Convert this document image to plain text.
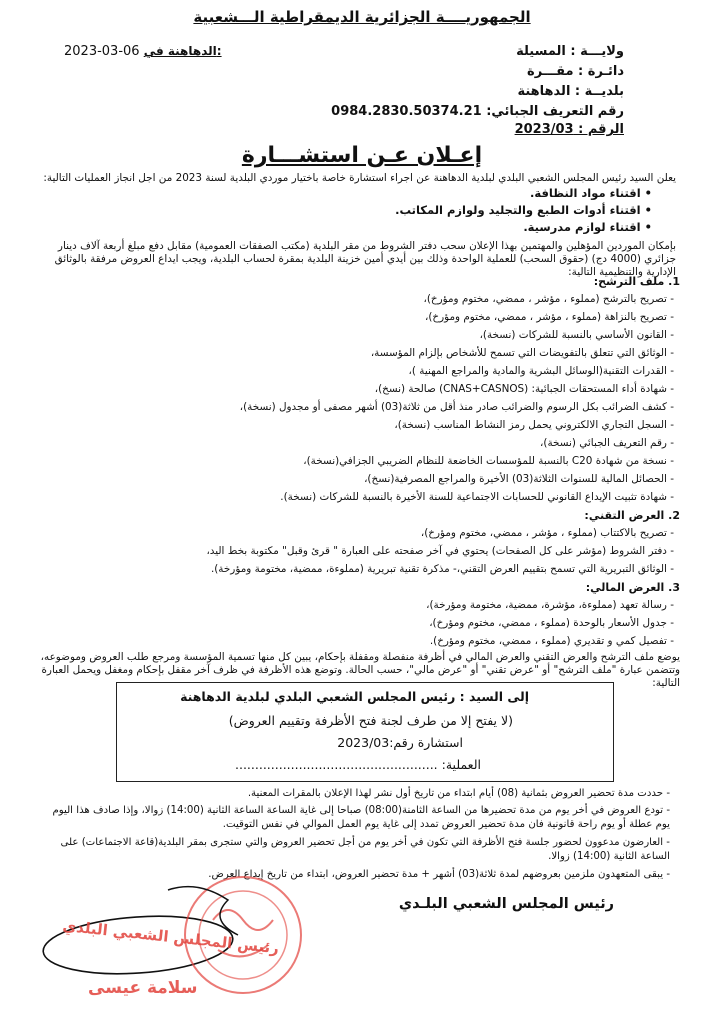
الجمهوريــــة الجزائرية الديمقراطية الـــشعبية
2023-03-06 الدهاهنة في:	ولايـــة : المسيلة
دائـرة : مقـــرة
بلديــة : الدهاهنة
رقم التعريف الجبائي: 0984.2830.50374.21
الرقم : 2023/03
إعـلان عـن استشـــارة
يعلن السيد رئيس المجلس الشعبي البلدي لبلدية الدهاهنة عن اجراء استشارة خاصة باختيار موردي البلدية لسنة 2023 من اجل انجاز العمليات التالية:
• اقتناء مواد النظافة.
• اقتناء أدوات الطبع والتجليد ولوازم المكاتب.
• اقتناء لوازم مدرسية.
بإمكان الموردين المؤهلين والمهتمين بهذا الإعلان سحب دفتر الشروط من مقر البلدية (مكتب الصفقات العمومية) مقابل دفع مبلغ أربعة آلاف دينار جزائري (4000 دج) (حقوق السحب) للعملية الواحدة وذلك بين أيدي أمين خزينة البلدية بمقرة لحساب البلدية، ويجب ايداع العروض مرفقة بالوثائق الإدارية والتنظيمية التالية:
1. ملف الترشح:
- تصريح بالترشح (مملوء ، مؤشر ، ممضي، مختوم ومؤرخ)،
- تصريح بالنزاهة (مملوء ، مؤشر ، ممضي، مختوم ومؤرخ)،
- القانون الأساسي بالنسبة للشركات (نسخة)،
- الوثائق التي تتعلق بالتفويضات التي تسمح للأشخاص بإلزام المؤسسة،
- القدرات التقنية(الوسائل البشرية والمادية والمراجع المهنية )،
- شهادة أداء المستحقات الجبائية: (CNAS+CASNOS) صالحة (نسخ)،
- كشف الضرائب بكل الرسوم والضرائب صادر منذ أقل من ثلاثة(03) أشهر مصفى أو مجدول (نسخة)،
- السجل التجاري الالكتروني يحمل رمز النشاط المناسب (نسخة)،
- رقم التعريف الجبائي (نسخة)،
- نسخة من شهادة C20 بالنسبة للمؤسسات الخاضعة للنظام الضريبي الجزافي(نسخة)،
- الحصائل المالية للسنوات الثلاثة(03) الأخيرة والمراجع المصرفية(نسخ)،
- شهادة تثبيت الإيداع القانوني للحسابات الاجتماعية للسنة الأخيرة بالنسبة للشركات (نسخة).
2. العرض التقني:
- تصريح بالاكتتاب (مملوء ، مؤشر ، ممضي، مختوم ومؤرخ)،
- دفتر الشروط (مؤشر على كل الصفحات) يحتوي في آخر صفحته على العبارة " قرئ وقبل" مكتوبة بخط اليد،
- الوثائق التبريرية التي تسمح بتقييم العرض التقني،- مذكرة تقنية تبريرية (مملوءة، ممضية، مختومة ومؤرخة).
3. العرض المالي:
- رسالة تعهد (مملوءة، مؤشرة، ممضية، مختومة ومؤرخة)،
- جدول الأسعار بالوحدة (مملوء ، ممضي، مختوم ومؤرخ)،
- تفصيل كمي و تقديري (مملوء ، ممضي، مختوم ومؤرخ).
يوضع ملف الترشح والعرض التقني والعرض المالي في أظرفة منفصلة ومقفلة بإحكام، يبين كل منها تسمية المؤسسة ومرجع طلب العروض وموضوعه، وتتضمن عبارة "ملف الترشح" أو "عرض تقني" أو "عرض مالي"، حسب الحالة. وتوضع هذه الأظرفة في ظرف آخر مقفل بإحكام ومغفل ويحمل العبارة التالية:
إلى السيد : رئيس المجلس الشعبي البلدي لبلدية الدهاهنة
(لا يفتح إلا من طرف لجنة فتح الأظرفة وتقييم العروض)
استشارة رقم:2023/03
العملية: ...................................................
- حددت مدة تحضير العروض بثمانية (08) أيام ابتداء من تاريخ أول نشر لهذا الإعلان بالمقرات المعنية.
- تودع العروض في أخر يوم من مدة تحضيرها من الساعة الثامنة(08:00) صباحا إلى غاية الساعة الساعة الثانية (14:00) زوالا، وإذا صادف هذا اليوم يوم عطلة أو يوم راحة قانونية فان مدة تحضير العروض تمدد إلى غاية يوم العمل الموالي في نفس التوقيت.
- العارضون مدعوون لحضور جلسة فتح الأظرفة التي تكون في أخر يوم من أجل تحضير العروض والتي ستجرى بمقر البلدية(قاعة الاجتماعات) على الساعة الثانية (14:00) زوالا.
- يبقى المتعهدون ملزمين بعروضهم لمدة ثلاثة(03) أشهر + مدة تحضير العروض، ابتداء من تاريخ إيداع العرض.
رئيس المجلس الشعبي البلـدي
رئيس المجلس الشعبي البلدي
سلامة عيسى
